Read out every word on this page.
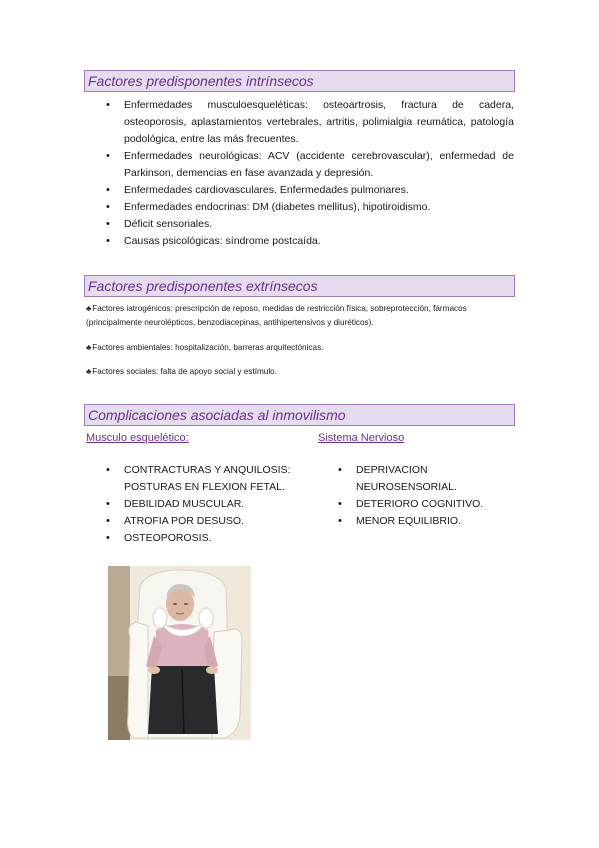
Factores predisponentes intrínsecos
• Enfermedades musculoesqueléticas: osteoartrosis, fractura de cadera, osteoporosis, aplastamientos vertebrales, artritis, polimialgia reumática, patología podológica, entre las más frecuentes.
• Enfermedades neurológicas: ACV (accidente cerebrovascular), enfermedad de Parkinson, demencias en fase avanzada y depresión.
• Enfermedades cardiovasculares. Enfermedades pulmonares.
• Enfermedades endocrinas: DM (diabetes mellitus), hipotiroidismo.
• Déficit sensoriales.
• Causas psicológicas: síndrome postcaída.
Factores predisponentes extrínsecos
♣Factores iatrogénicos: prescripción de reposo, medidas de restricción física, sobreprotección, fármacos (principalmente neurolépticos, benzodiacepinas, antihipertensivos y diuréticos).
♣Factores ambientales: hospitalización, barreras arquitectónicas.
♣Factores sociales: falta de apoyo social y estímulo.
Complicaciones asociadas al inmovilismo
Musculo esquelético:	Sistema Nervioso
• CONTRACTURAS Y ANQUILOSIS: POSTURAS EN FLEXION FETAL.
• DEBILIDAD MUSCULAR.
• ATROFIA POR DESUSO.
• OSTEOPOROSIS.
• DEPRIVACION NEUROSENSORIAL.
• DETERIORO COGNITIVO.
• MENOR EQUILIBRIO.
